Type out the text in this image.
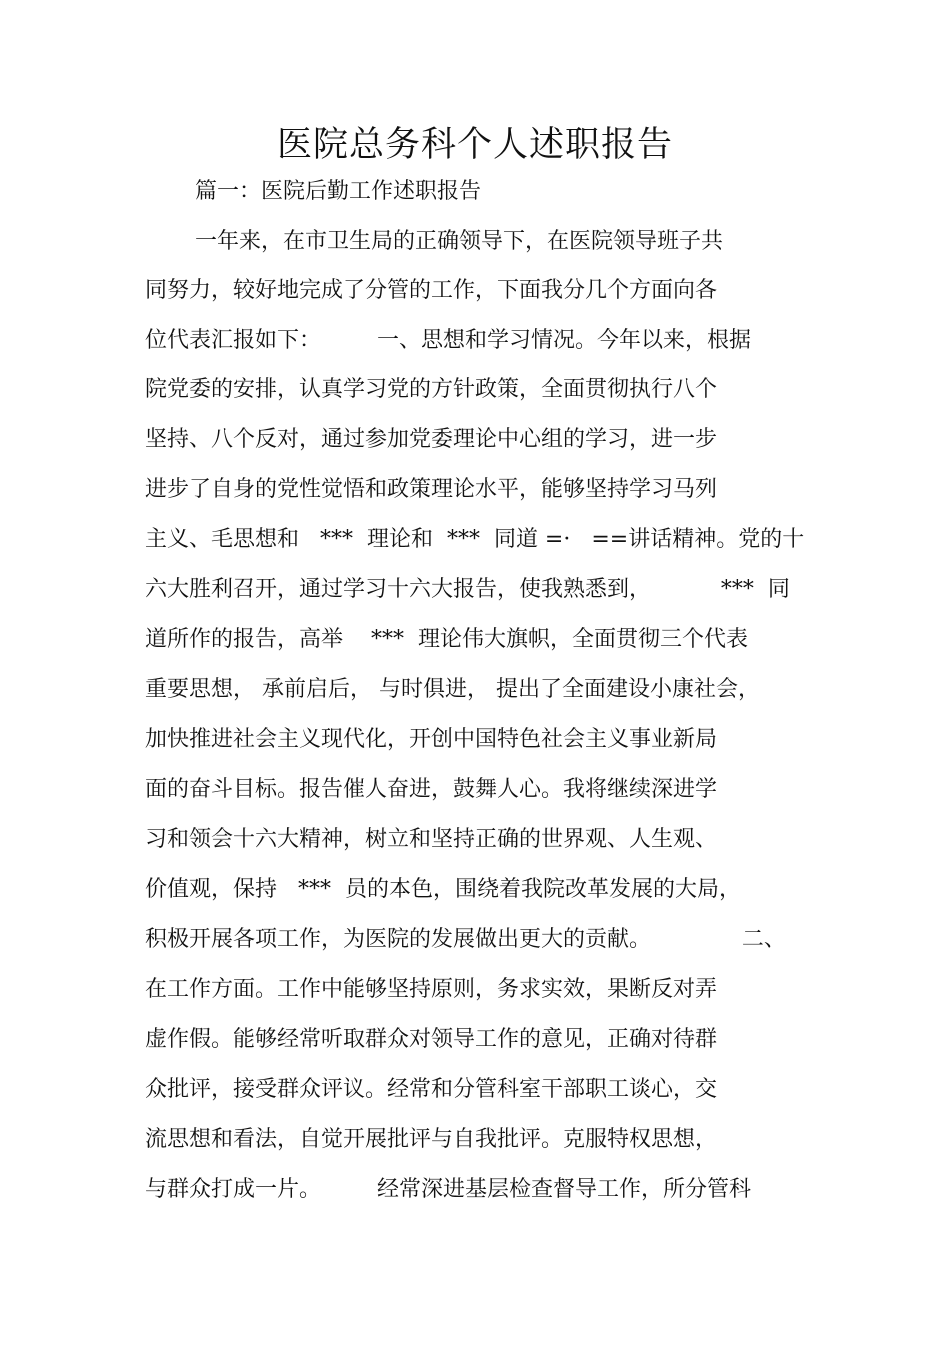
医院总务科个人述职报告
篇一：医院后勤工作述职报告
一年来，在市卫生局的正确领导下，在医院领导班子共
同努力，较好地完成了分管的工作，下面我分几个方面向各
位代表汇报如下：        一、思想和学习情况。今年以来，根据
院党委的安排，认真学习党的方针政策，全面贯彻执行八个
坚持、八个反对，通过参加党委理论中心组的学习，进一步
进步了自身的党性觉悟和政策理论水平，能够坚持学习马列
主义、毛思想和   ***  理论和  ***  同道 =·   ==讲话精神。党的十
六大胜利召开，通过学习十六大报告，使我熟悉到，          ***  同
道所作的报告，高举    ***  理论伟大旗帜，全面贯彻三个代表
重要思想， 承前启后， 与时俱进， 提出了全面建设小康社会，
加快推进社会主义现代化，开创中国特色社会主义事业新局
面的奋斗目标。报告催人奋进，鼓舞人心。我将继续深进学
习和领会十六大精神，树立和坚持正确的世界观、人生观、
价值观，保持   ***  员的本色，围绕着我院改革发展的大局，
积极开展各项工作，为医院的发展做出更大的贡献。             二、
在工作方面。工作中能够坚持原则，务求实效，果断反对弄
虚作假。能够经常听取群众对领导工作的意见，正确对待群
众批评，接受群众评议。经常和分管科室干部职工谈心，交
流思想和看法，自觉开展批评与自我批评。克服特权思想，
与群众打成一片。        经常深进基层检查督导工作，所分管科
